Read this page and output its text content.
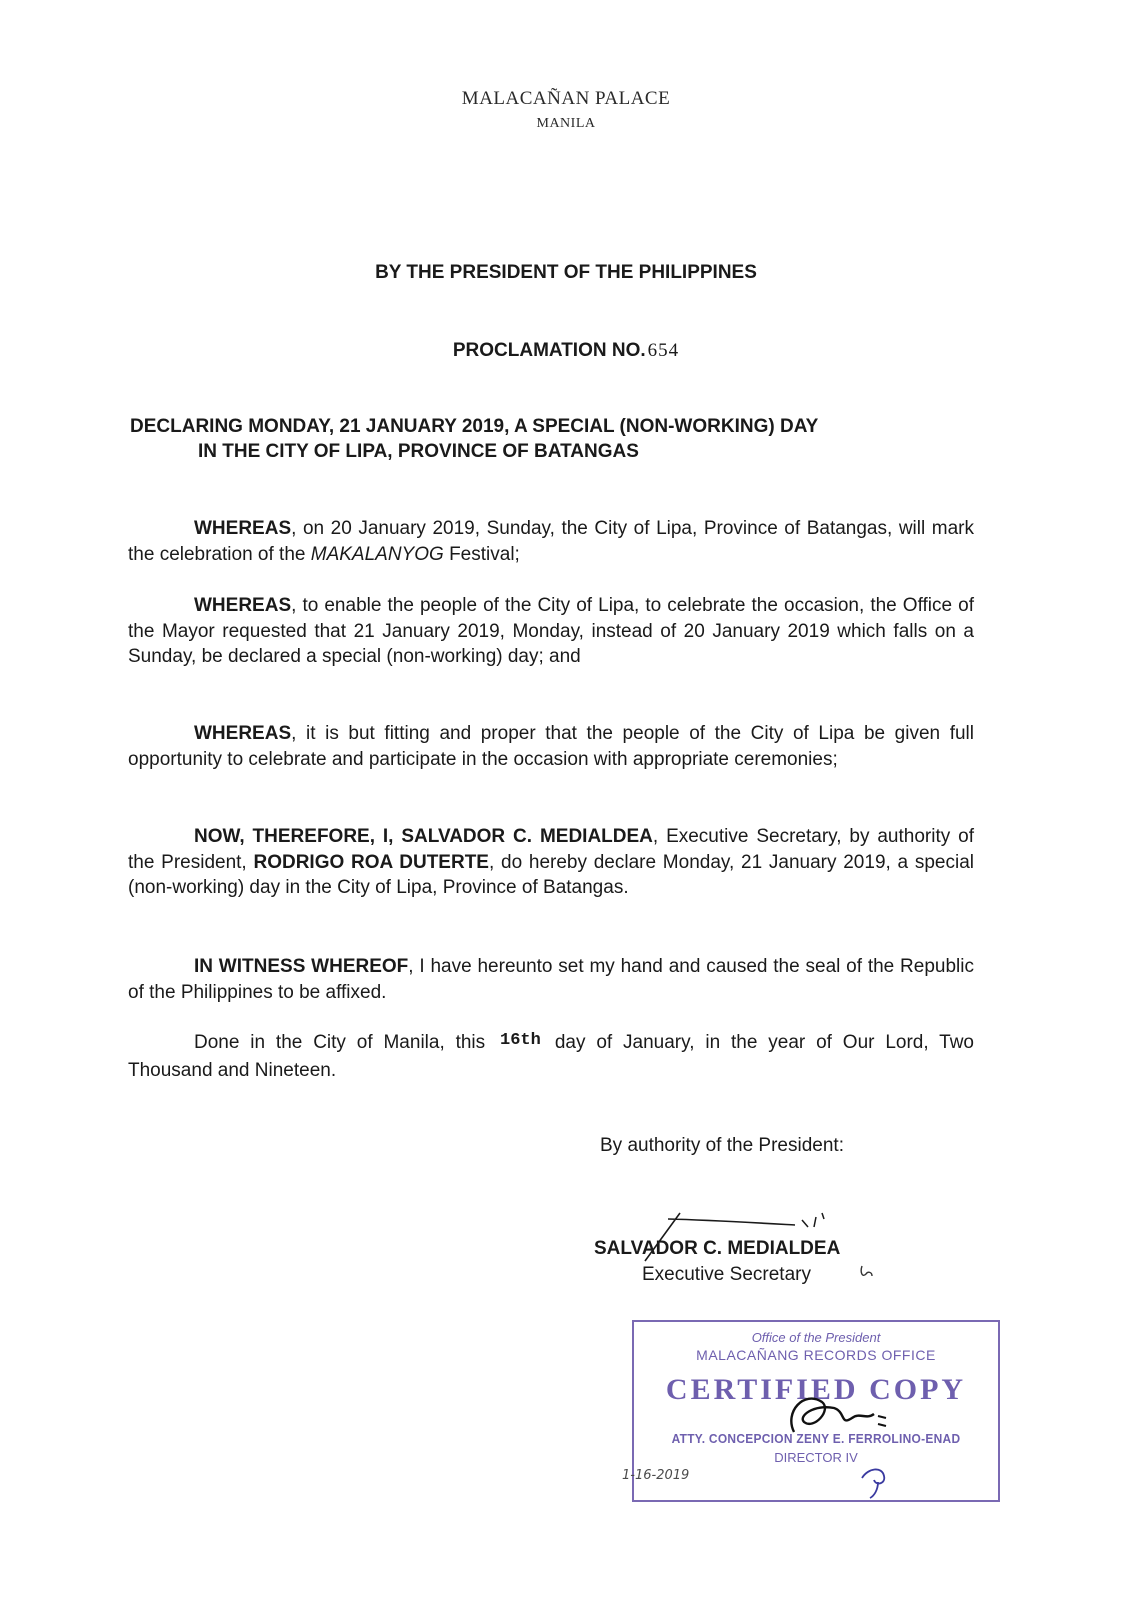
MALACAÑAN PALACE
MANILA
BY THE PRESIDENT OF THE PHILIPPINES
PROCLAMATION NO. 654
DECLARING MONDAY, 21 JANUARY 2019, A SPECIAL (NON-WORKING) DAY
IN THE CITY OF LIPA, PROVINCE OF BATANGAS
WHEREAS, on 20 January 2019, Sunday, the City of Lipa, Province of Batangas, will mark the celebration of the MAKALANYOG Festival;
WHEREAS, to enable the people of the City of Lipa, to celebrate the occasion, the Office of the Mayor requested that 21 January 2019, Monday, instead of 20 January 2019 which falls on a Sunday, be declared a special (non-working) day; and
WHEREAS, it is but fitting and proper that the people of the City of Lipa be given full opportunity to celebrate and participate in the occasion with appropriate ceremonies;
NOW, THEREFORE, I, SALVADOR C. MEDIALDEA, Executive Secretary, by authority of the President, RODRIGO ROA DUTERTE, do hereby declare Monday, 21 January 2019, a special (non-working) day in the City of Lipa, Province of Batangas.
IN WITNESS WHEREOF, I have hereunto set my hand and caused the seal of the Republic of the Philippines to be affixed.
Done in the City of Manila, this 16th day of January, in the year of Our Lord, Two Thousand and Nineteen.
By authority of the President:
SALVADOR C. MEDIALDEA
Executive Secretary
Office of the President
MALACAÑANG RECORDS OFFICE
CERTIFIED COPY
ATTY. CONCEPCION ZENY E. FERROLINO-ENAD
DIRECTOR IV
1-16-2019
